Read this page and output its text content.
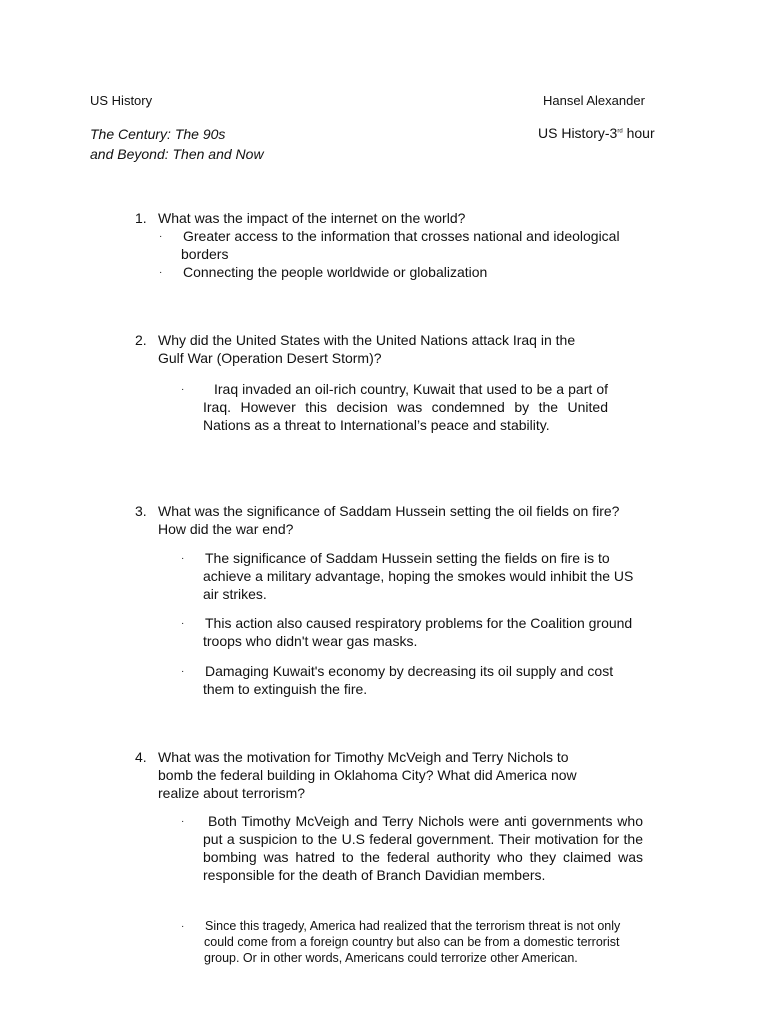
US History	Hansel Alexander
The Century: The 90s
and Beyond: Then and Now
US History-3rd hour
1. What was the impact of the internet on the world?
· Greater access to the information that crosses national and ideological
borders
· Connecting the people worldwide or globalization
2. Why did the United States with the United Nations attack Iraq in the
Gulf War (Operation Desert Storm)?
·	Iraq invaded an oil-rich country, Kuwait that used to be a part of Iraq. However this decision was condemned by the United Nations as a threat to International’s peace and stability.
3. What was the significance of Saddam Hussein setting the oil fields on fire?
How did the war end?
· The significance of Saddam Hussein setting the fields on fire is to
achieve a military advantage, hoping the smokes would inhibit the US
air strikes.
· This action also caused respiratory problems for the Coalition ground
troops who didn't wear gas masks.
· Damaging Kuwait's economy by decreasing its oil supply and cost
them to extinguish the fire.
4. What was the motivation for Timothy McVeigh and Terry Nichols to
bomb the federal building in Oklahoma City? What did America now
realize about terrorism?
·	Both Timothy McVeigh and Terry Nichols were anti governments who put a suspicion to the U.S federal government. Their motivation for the bombing was hatred to the federal authority who they claimed was responsible for the death of Branch Davidian members.
· Since this tragedy, America had realized that the terrorism threat is not only
could come from a foreign country but also can be from a domestic terrorist
group. Or in other words, Americans could terrorize other American.
